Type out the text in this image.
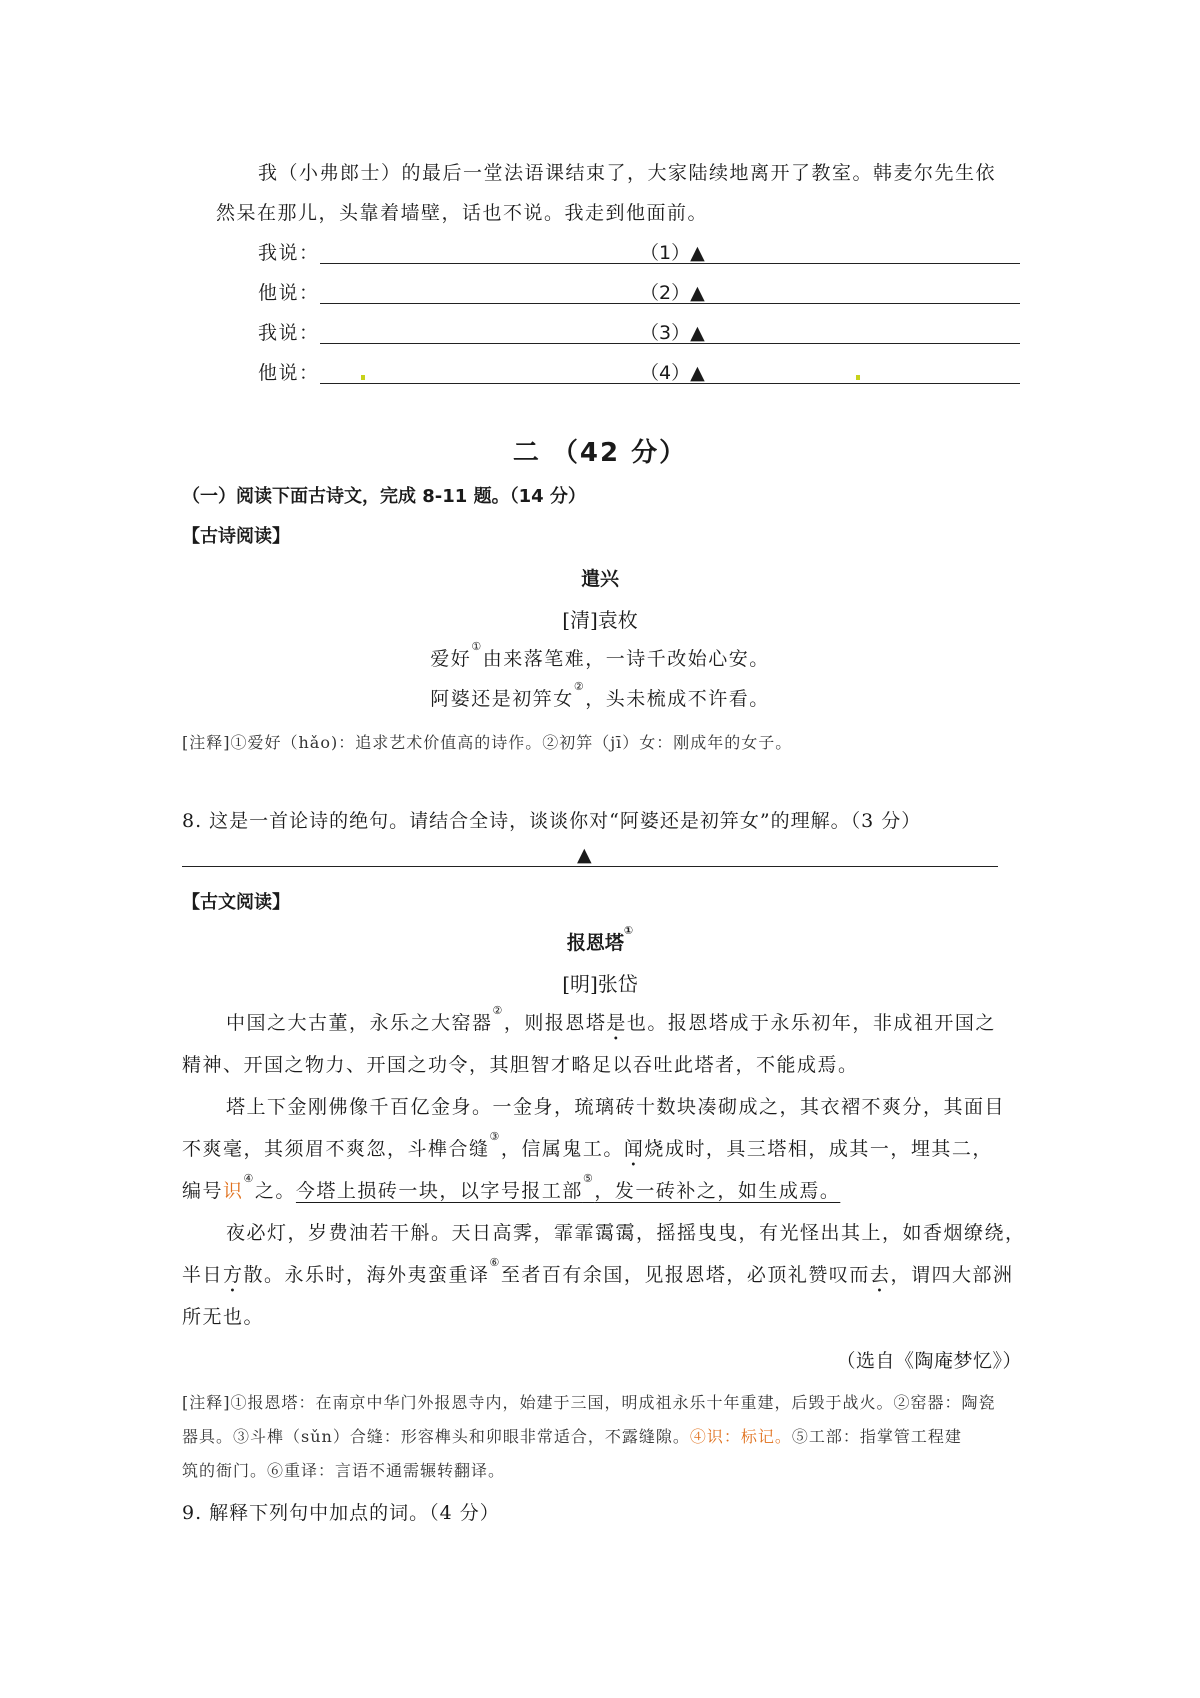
我（小弗郎士）的最后一堂法语课结束了，大家陆续地离开了教室。韩麦尔先生依
然呆在那儿，头靠着墙壁，话也不说。我走到他面前。
我说：	（1）▲
他说：	（2）▲
我说：	（3）▲
他说：	（4）▲
二 （42 分）
（一）阅读下面古诗文，完成 8-11 题。（14 分）
【古诗阅读】
遣兴
[清]袁枚
爱好①由来落笔难，一诗千改始心安。
阿婆还是初笄女②，头未梳成不许看。
[注释]①爱好（hǎo)：追求艺术价值高的诗作。②初笄（jī）女：刚成年的女子。
8. 这是一首论诗的绝句。请结合全诗，谈谈你对“阿婆还是初笄女”的理解。（3 分）
▲
【古文阅读】
报恩塔①
[明]张岱
中国之大古董，永乐之大窑器②，则报恩塔是也。报恩塔成于永乐初年，非成祖开国之
精神、开国之物力、开国之功令，其胆智才略足以吞吐此塔者，不能成焉。
塔上下金刚佛像千百亿金身。一金身，琉璃砖十数块凑砌成之，其衣褶不爽分，其面目
不爽毫，其须眉不爽忽，斗榫合缝③，信属鬼工。闻烧成时，具三塔相，成其一，埋其二，
编号识④之。今塔上损砖一块，以字号报工部⑤，发一砖补之，如生成焉。
夜必灯，岁费油若干斛。天日高霁，霏霏霭霭，摇摇曳曳，有光怪出其上，如香烟缭绕，
半日方散。永乐时，海外夷蛮重译⑥至者百有余国，见报恩塔，必顶礼赞叹而去，谓四大部洲
所无也。
（选自《陶庵梦忆》）
[注释]①报恩塔：在南京中华门外报恩寺内，始建于三国，明成祖永乐十年重建，后毁于战火。②窑器：陶瓷
器具。③斗榫（sǔn）合缝：形容榫头和卯眼非常适合，不露缝隙。④识：标记。⑤工部：指掌管工程建
筑的衙门。⑥重译：言语不通需辗转翻译。
9. 解释下列句中加点的词。（4 分）
